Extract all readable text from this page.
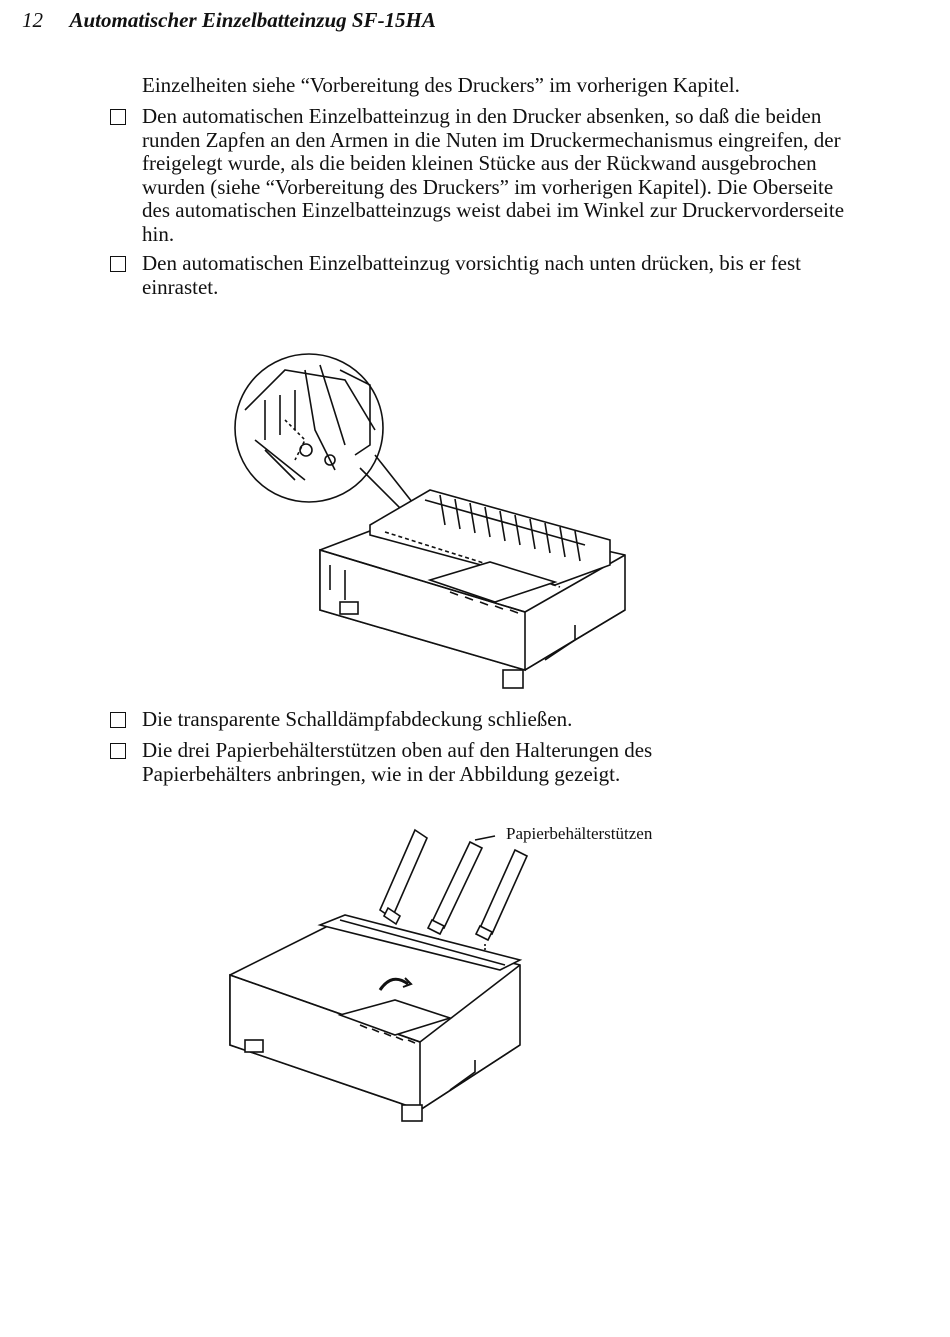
12 Automatischer Einzelbatteinzug SF-15HA
Einzelheiten siehe “Vorbereitung des Druckers” im vorherigen Kapitel.
Den automatischen Einzelbatteinzug in den Drucker absenken, so daß die beiden runden Zapfen an den Armen in die Nuten im Druckermechanismus eingreifen, der freigelegt wurde, als die beiden kleinen Stücke aus der Rückwand ausgebrochen wurden (siehe “Vorbereitung des Druckers” im vorherigen Kapitel). Die Oberseite des automatischen Einzelbatteinzugs weist dabei im Winkel zur Druckervorderseite hin.
Den automatischen Einzelbatteinzug vorsichtig nach unten drücken, bis er fest einrastet.
Die transparente Schalldämpfabdeckung schließen.
Die drei Papierbehälterstützen oben auf den Halterungen des Papierbehälters anbringen, wie in der Abbildung gezeigt.
Papierbehälterstützen
